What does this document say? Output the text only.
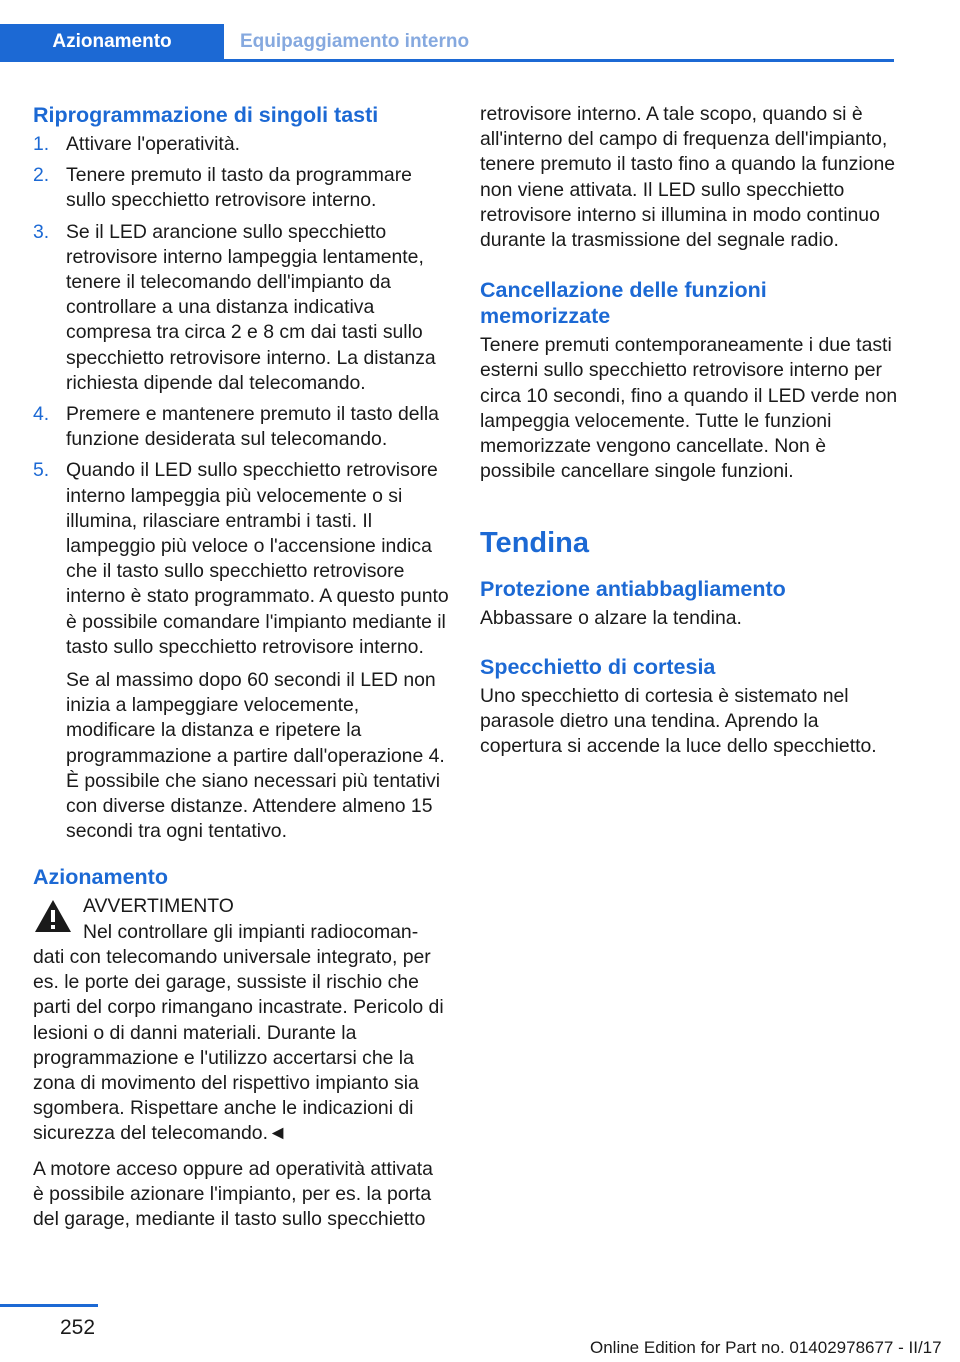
Azionamento	Equipaggiamento interno
Riprogrammazione di singoli tasti
1. Attivare l'operatività.
2. Tenere premuto il tasto da programmare sullo specchietto retrovisore interno.
3. Se il LED arancione sullo specchietto retrovisore interno lampeggia lentamente, tenere il telecomando dell'impianto da controllare a una distanza indicativa compresa tra circa 2 e 8 cm dai tasti sullo specchietto retrovisore interno. La distanza richiesta dipende dal telecomando.
4. Premere e mantenere premuto il tasto della funzione desiderata sul telecomando.
5. Quando il LED sullo specchietto retrovisore interno lampeggia più velocemente o si illumina, rilasciare entrambi i tasti. Il lampeggio più veloce o l'accensione indica che il tasto sullo specchietto retrovisore interno è stato programmato. A questo punto è possibile comandare l'impianto mediante il tasto sullo specchietto retrovisore interno.

Se al massimo dopo 60 secondi il LED non inizia a lampeggiare velocemente, modificare la distanza e ripetere la programmazione a partire dall'operazione 4. È possibile che siano necessari più tentativi con diverse distanze. Attendere almeno 15 secondi tra ogni tentativo.

Azionamento
AVVERTIMENTO
Nel controllare gli impianti radiocoman-
dati con telecomando universale integrato, per es. le porte dei garage, sussiste il rischio che parti del corpo rimangano incastrate. Pericolo di lesioni o di danni materiali. Durante la programmazione e l'utilizzo accertarsi che la zona di movimento del rispettivo impianto sia sgombera. Rispettare anche le indicazioni di sicurezza del telecomando.◄

A motore acceso oppure ad operatività attivata è possibile azionare l'impianto, per es. la porta del garage, mediante il tasto sullo specchietto

retrovisore interno. A tale scopo, quando si è all'interno del campo di frequenza dell'impianto, tenere premuto il tasto fino a quando la funzione non viene attivata. Il LED sullo specchietto retrovisore interno si illumina in modo continuo durante la trasmissione del segnale radio.

Cancellazione delle funzioni memorizzate

Tenere premuti contemporaneamente i due tasti esterni sullo specchietto retrovisore interno per circa 10 secondi, fino a quando il LED verde non lampeggia velocemente. Tutte le funzioni memorizzate vengono cancellate. Non è possibile cancellare singole funzioni.

Tendina
Protezione antiabbagliamento

Abbassare o alzare la tendina.

Specchietto di cortesia

Uno specchietto di cortesia è sistemato nel parasole dietro una tendina. Aprendo la copertura si accende la luce dello specchietto.

252
Online Edition for Part no. 01402978677 - II/17
